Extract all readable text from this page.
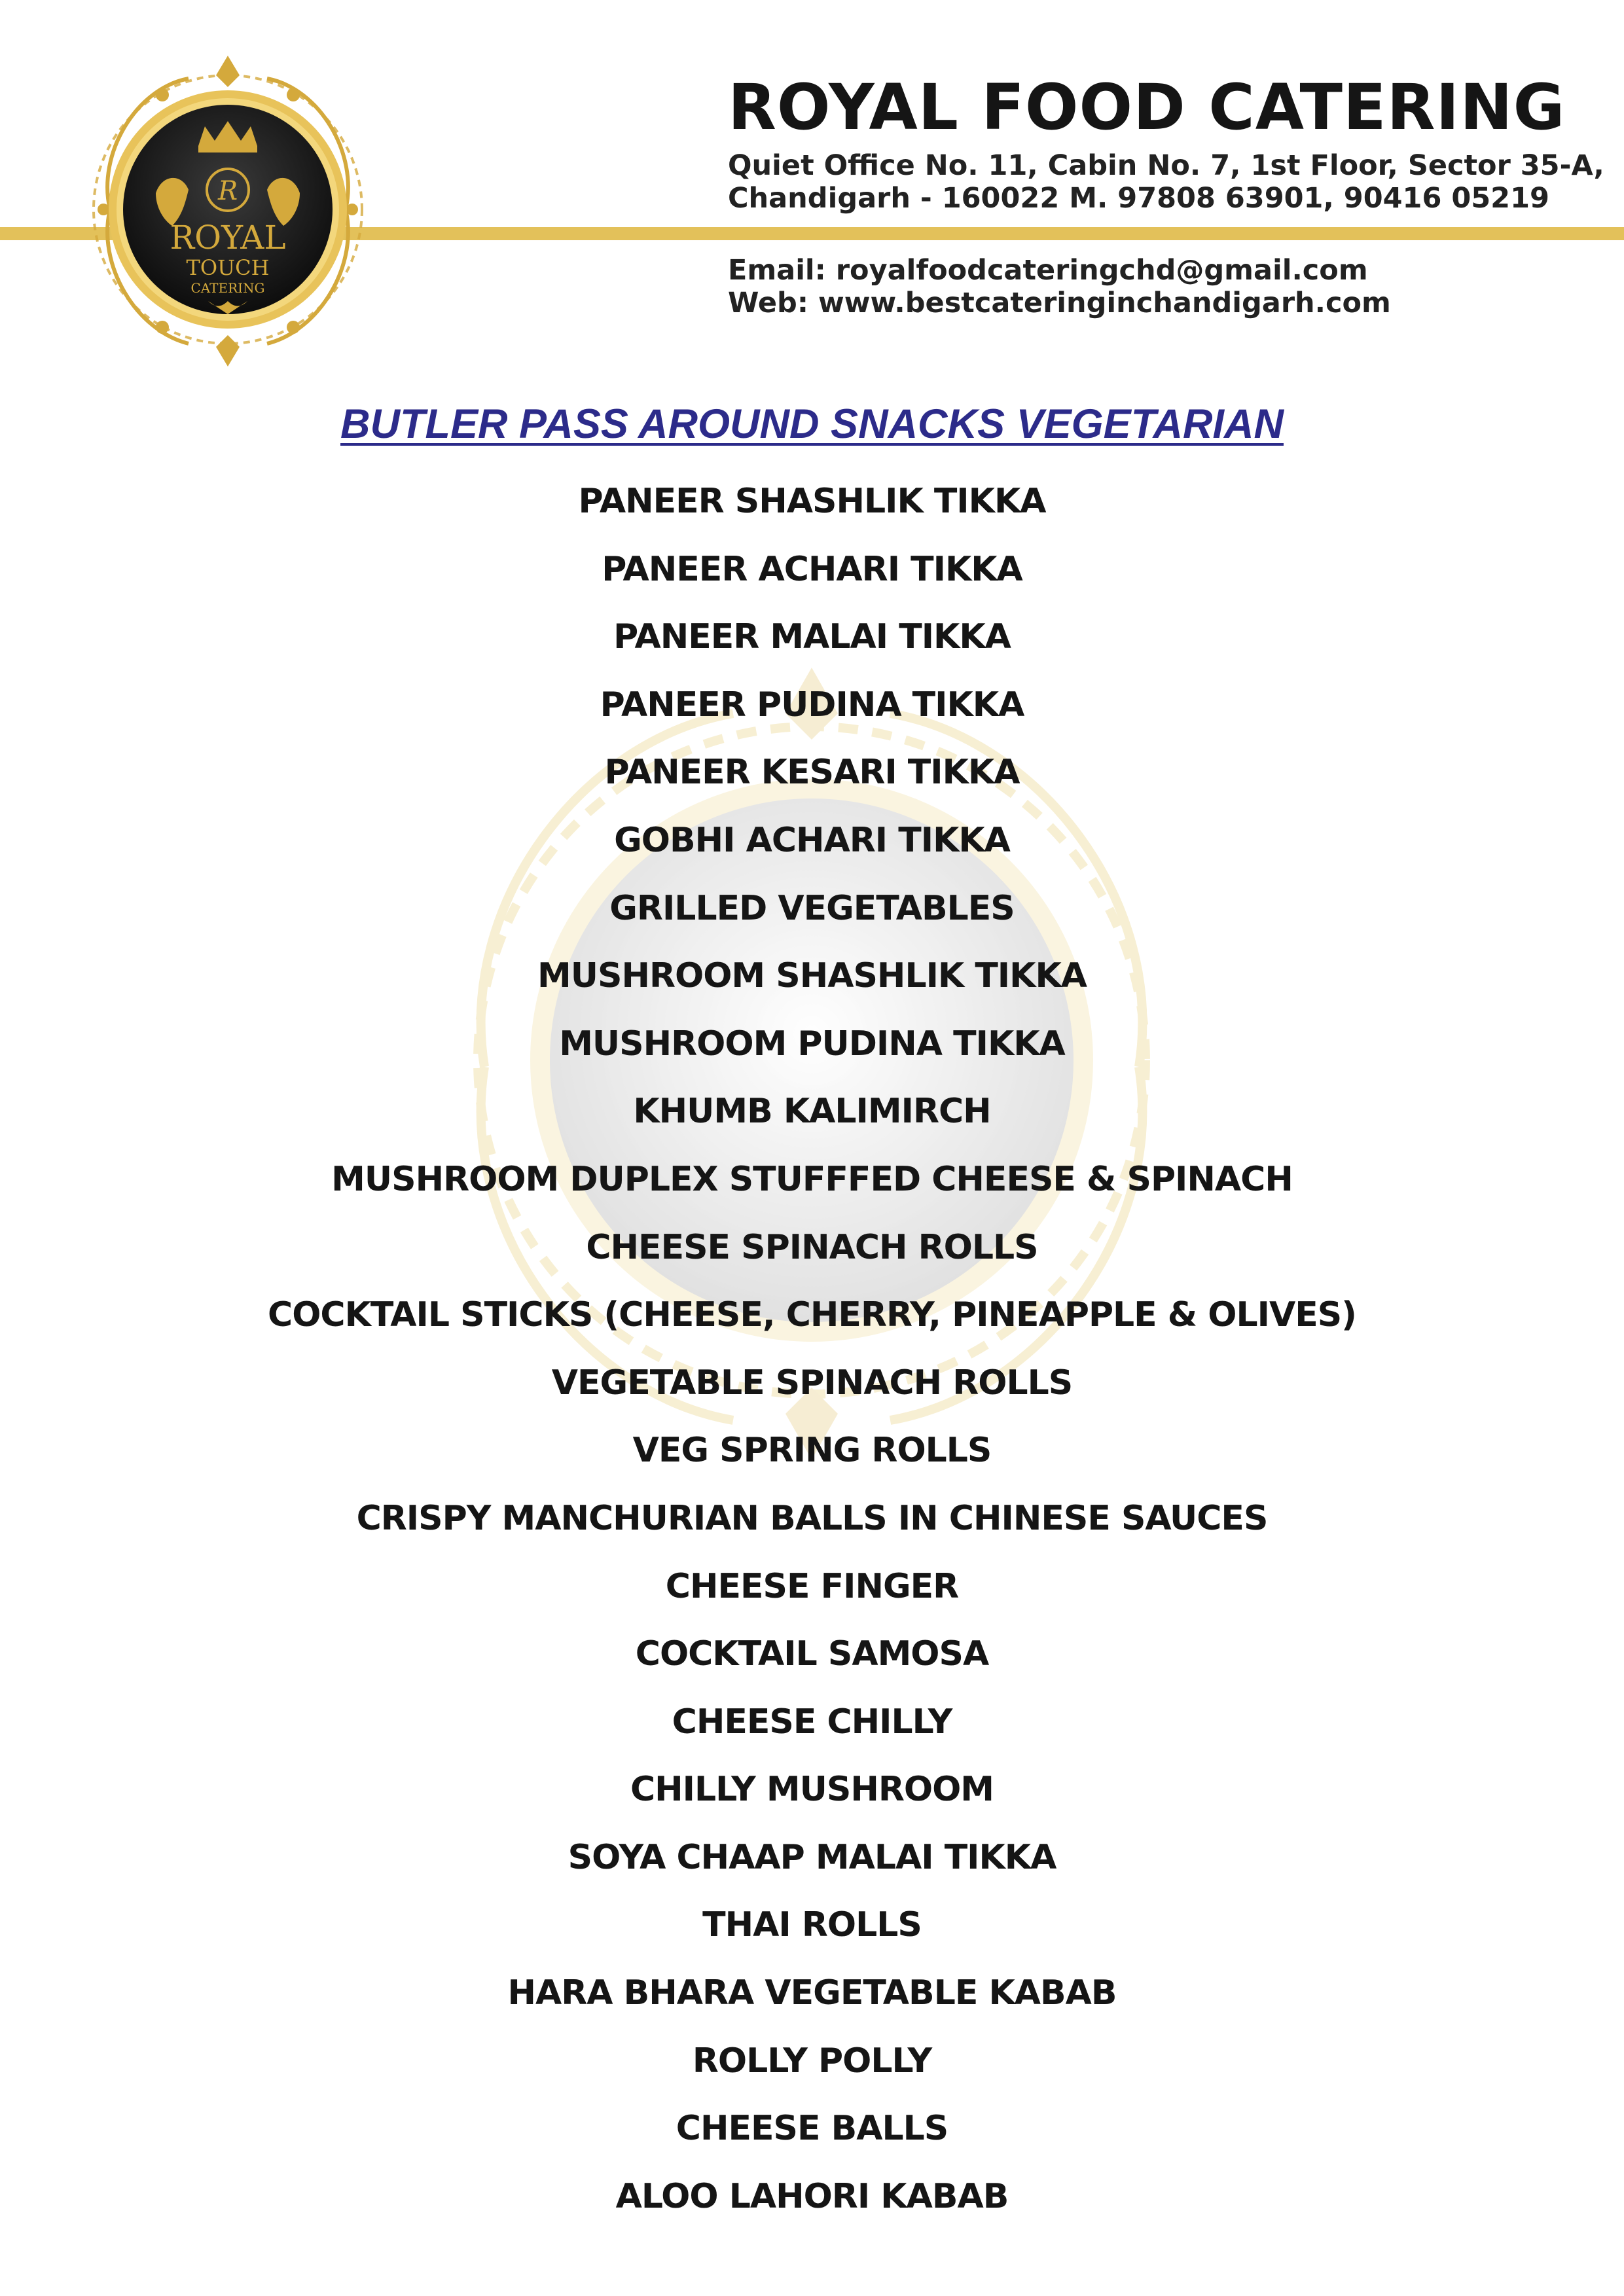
R
ROYAL
TOUCH
CATERING
ROYAL FOOD CATERING
Quiet Office No. 11, Cabin No. 7, 1st Floor, Sector 35-A,
Chandigarh - 160022 M. 97808 63901, 90416 05219
Email: royalfoodcateringchd@gmail.com
Web: www.bestcateringinchandigarh.com
BUTLER PASS AROUND SNACKS VEGETARIAN
PANEER SHASHLIK TIKKA
PANEER ACHARI TIKKA
PANEER MALAI TIKKA
PANEER PUDINA TIKKA
PANEER KESARI TIKKA
GOBHI ACHARI TIKKA
GRILLED VEGETABLES
MUSHROOM SHASHLIK TIKKA
MUSHROOM PUDINA TIKKA
KHUMB KALIMIRCH
MUSHROOM DUPLEX STUFFFED CHEESE & SPINACH
CHEESE SPINACH ROLLS
COCKTAIL STICKS (CHEESE, CHERRY, PINEAPPLE & OLIVES)
VEGETABLE SPINACH ROLLS
VEG SPRING ROLLS
CRISPY MANCHURIAN BALLS IN CHINESE SAUCES
CHEESE FINGER
COCKTAIL SAMOSA
CHEESE CHILLY
CHILLY MUSHROOM
SOYA CHAAP MALAI TIKKA
THAI ROLLS
HARA BHARA VEGETABLE KABAB
ROLLY POLLY
CHEESE BALLS
ALOO LAHORI KABAB
